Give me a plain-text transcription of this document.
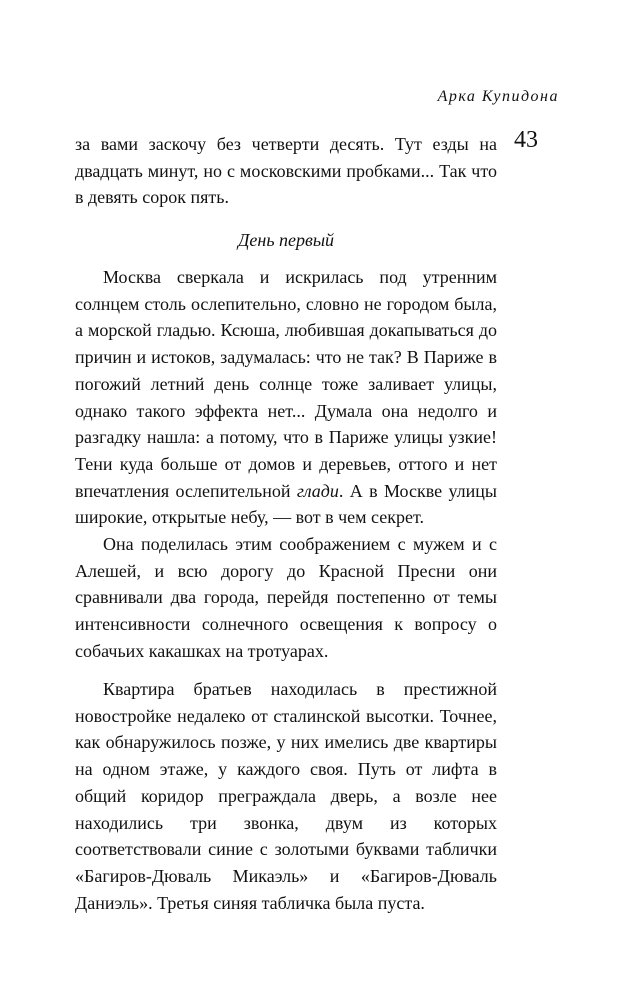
Арка Купидона
43

за вами заскочу без четверти десять. Тут езды на двадцать минут, но с московскими пробками... Так что в девять сорок пять.

День первый

Москва сверкала и искрилась под утренним солнцем столь ослепительно, словно не городом была, а морской гладью. Ксюша, любившая докапываться до причин и истоков, задумалась: что не так? В Париже в погожий летний день солнце тоже заливает улицы, однако такого эффекта нет... Думала она недолго и разгадку нашла: а потому, что в Париже улицы узкие! Тени куда больше от домов и деревьев, оттого и нет впечатления ослепительной глади. А в Москве улицы широкие, открытые небу, — вот в чем секрет.

Она поделилась этим соображением с мужем и с Алешей, и всю дорогу до Красной Пресни они сравнивали два города, перейдя постепенно от темы интенсивности солнечного освещения к вопросу о собачьих какашках на тротуарах.

Квартира братьев находилась в престижной новостройке недалеко от сталинской высотки. Точнее, как обнаружилось позже, у них имелись две квартиры на одном этаже, у каждого своя. Путь от лифта в общий коридор преграждала дверь, а возле нее находились три звонка, двум из которых соответствовали синие с золотыми буквами таблички «Багиров-Дюваль Микаэль» и «Багиров-Дюваль Даниэль». Третья синяя табличка была пуста.
